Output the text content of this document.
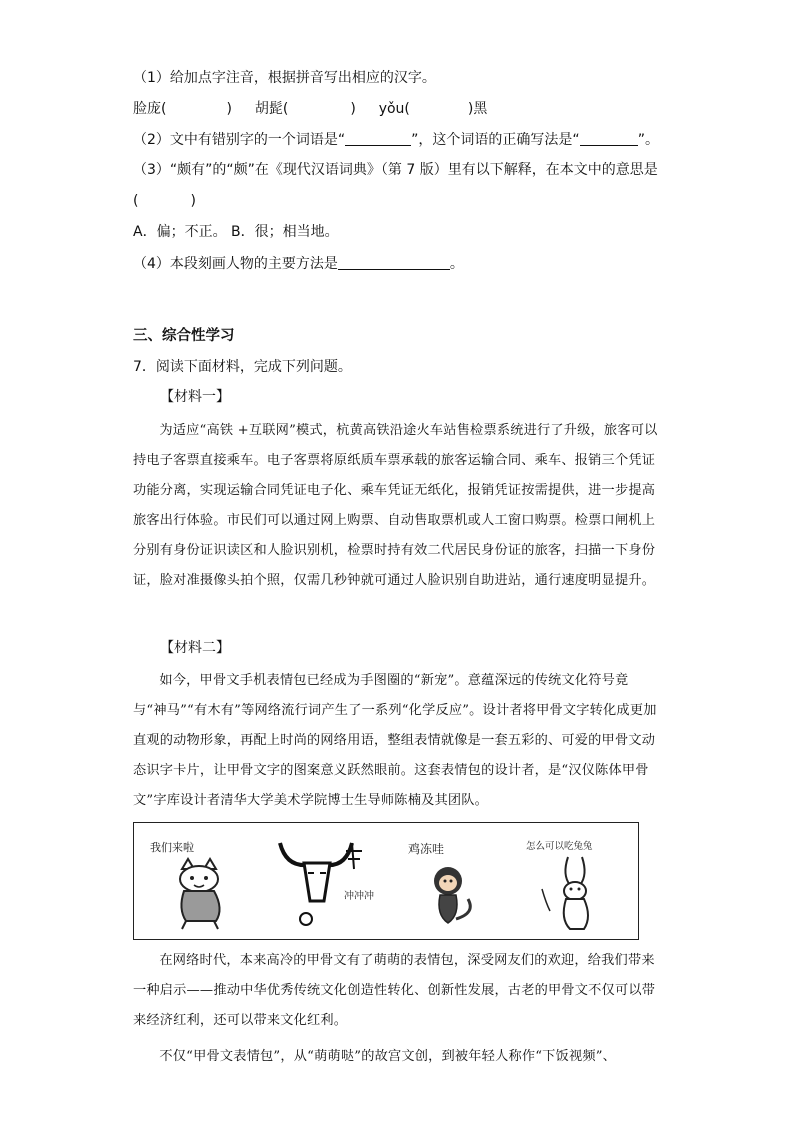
（1）给加点字注音，根据拼音写出相应的汉字。
脸庞(	) 胡髭(	) yǒu(	)黑
（2）文中有错别字的一个词语是“	”，这个词语的正确写法是“	”。
（3）“颇有”的“颇”在《现代汉语词典》（第 7 版）里有以下解释，在本文中的意思是
(	)
A．偏；不正。 B．很；相当地。
（4）本段刻画人物的主要方法是	。
三、综合性学习
7．阅读下面材料，完成下列问题。
【材料一】

为适应“高铁 +互联网”模式，杭黄高铁沿途火车站售检票系统进行了升级，旅客可以持电子客票直接乘车。电子客票将原纸质车票承载的旅客运输合同、乘车、报销三个凭证功能分离，实现运输合同凭证电子化、乘车凭证无纸化，报销凭证按需提供，进一步提高旅客出行体验。市民们可以通过网上购票、自动售取票机或人工窗口购票。检票口闸机上分别有身份证识读区和人脸识别机，检票时持有效二代居民身份证的旅客，扫描一下身份证，脸对准摄像头拍个照，仅需几秒钟就可通过人脸识别自助进站，通行速度明显提升。

【材料二】

如今，甲骨文手机表情包已经成为手图圈的“新宠”。意蕴深远的传统文化符号竟与“神马”“有木有”等网络流行词产生了一系列“化学反应”。设计者将甲骨文字转化成更加直观的动物形象，再配上时尚的网络用语，整组表情就像是一套五彩的、可爱的甲骨文动态识字卡片，让甲骨文字的图案意义跃然眼前。这套表情包的设计者，是“汉仪陈体甲骨文”字库设计者清华大学美术学院博士生导师陈楠及其团队。

我们来啦
冲冲冲
鸡冻哇	怎么可以吃兔兔

在网络时代，本来高冷的甲骨文有了萌萌的表情包，深受网友们的欢迎，给我们带来一种启示——推动中华优秀传统文化创造性转化、创新性发展，古老的甲骨文不仅可以带来经济红利，还可以带来文化红利。

不仅“甲骨文表情包”，从“萌萌哒”的故宫文创，到被年轻人称作“下饭视频”、
